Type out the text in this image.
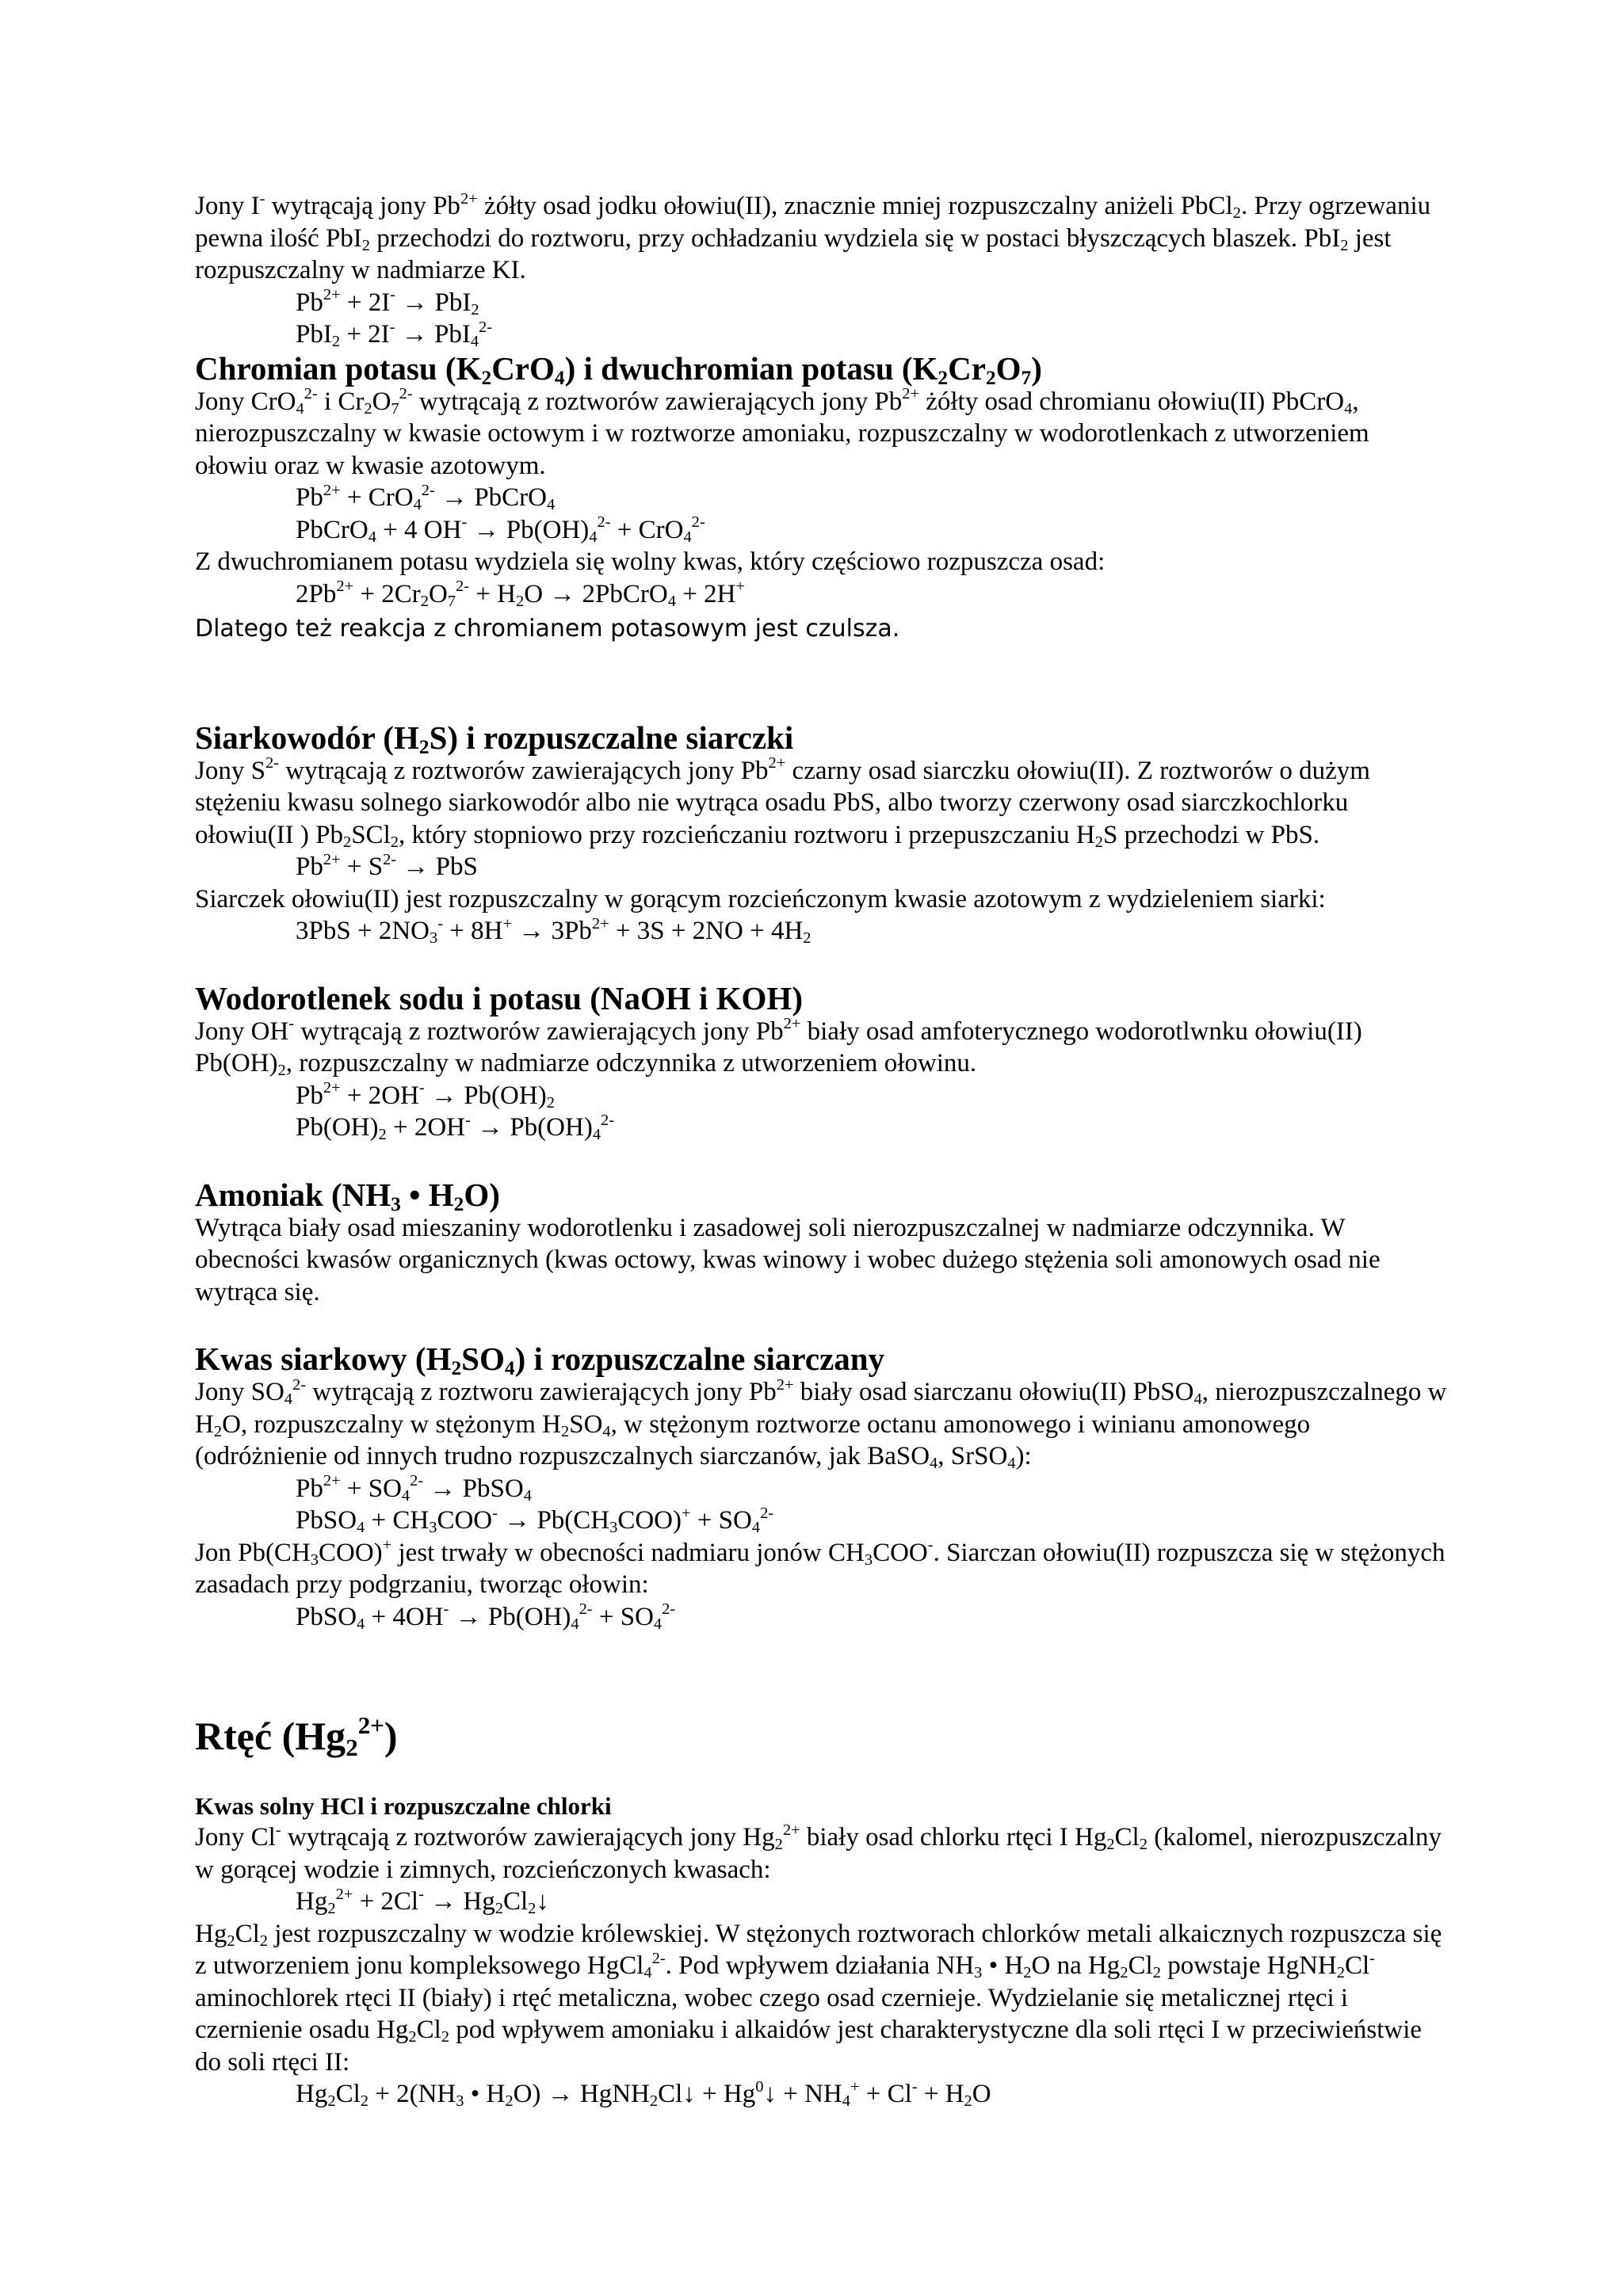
Jony I- wytrącają jony $Pb^{2+}$ żółty osad jodku ołowiu(II), znacznie mniej rozpuszczalny aniżeli PbCl$_2$. Przy ogrzewaniu pewna ilość PbI$_2$ przechodzi do roztworu, przy ochładzaniu wydziela się w postaci błyszczących blaszek. PbI$_2$ jest rozpuszczalny w nadmiarze KI.

$Pb^{2+} + 2I^- \to PbI_2$

PbI$_2$ + 2I- → PbI$_4^{2-}$

Chromian potasu $(K_2CrO_4)$ i dwuchromian potasu $(K_2Cr_2O_7)$

Jony CrO$_4^{2-}$ i $Cr_2O_7^{2-}$ wytrącają z roztworów zawierających jony $Pb^{2+}$ żółty osad chromianu ołowiu(II) PbCrO$_4$, nierozpuszczalny w kwasie octowym i w roztworze amoniaku, rozpuszczalny w wodorotlenkach z utworzeniem ołowiu oraz w kwasie azotowym.

$Pb^{2+} + CrO_4^{2-}$ → PbCrO$_4$

PbCrO$_4$ + 4 $OH^- \to Pb(OH)_4^{2-} + CrO_4^{2-}$

Z dwuchromianem potasu wydziela się wolny kwas, który częściowo rozpuszcza osad:

$2Pb^{2+} + 2Cr_2O_7^{2-} + H_2O$ → 2PbCrO$_4$ + 2H+

Dlatego też reakcja z chromianem potasowym jest czulsza.

Siarkowodór $(H_2S)$ i rozpuszczalne siarczki

Jony $S^{2-}$ wytrącają z roztworów zawierających jony $Pb^{2+}$ czarny osad siarczku ołowiu(II). Z roztworów o dużym stężeniu kwasu solnego siarkowodór albo nie wytrąca osadu PbS, albo tworzy czerwony osad siarczkochlorku ołowiu(II ) $Pb_2SCl_2$, który stopniowo przy rozcieńczaniu roztworu i przepuszczaniu $H_2S$ przechodzi w PbS.

$Pb^{2+} + S^{2-}$ → PbS

Siarczek ołowiu(II) jest rozpuszczalny w gorącym rozcieńczonym kwasie azotowym z wydzieleniem siarki:

$3PbS + 2NO_3^- + 8H^+ \to 3Pb^{2+} + 3S + 2NO + 4H_2$

Wodorotlenek sodu i potasu (NaOH i KOH)

Jony OH- wytrącają z roztworów zawierających jony $Pb^{2+}$ biały osad amfoterycznego wodorotlwnku ołowiu(II) $Pb(OH)_2$, rozpuszczalny w nadmiarze odczynnika z utworzeniem ołowinu.

$Pb^{2+} + 2OH^- \to Pb(OH)_2$

$Pb(OH)_2 + 2OH^- \to Pb(OH)_4^{2-}$

Amoniak ($NH_3$ • $H_2O$)

Wytrąca biały osad mieszaniny wodorotlenku i zasadowej soli nierozpuszczalnej w nadmiarze odczynnika. W obecności kwasów organicznych (kwas octowy, kwas winowy i wobec dużego stężenia soli amonowych osad nie wytrąca się.

Kwas siarkowy $(H_2SO_4)$ i rozpuszczalne siarczany

Jony $SO_4^{2-}$ wytrącają z roztworu zawierających jony $Pb^{2+}$ biały osad siarczanu ołowiu(II) PbSO$_4$, nierozpuszczalnego w $H_2O$, rozpuszczalny w stężonym $H_2SO_4$, w stężonym roztworze octanu amonowego i winianu amonowego (odróżnienie od innych trudno rozpuszczalnych siarczanów, jak BaSO$_4$, SrSO$_4$):

$Pb^{2+} + SO_4^{2-}$ → PbSO$_4$

PbSO$_4$ + $CH_3COO^- \to Pb(CH_3COO)^+ + SO_4^{2-}$

Jon $Pb(CH_3COO)^+$ jest trwały w obecności nadmiaru jonów $CH_3COO^-$. Siarczan ołowiu(II) rozpuszcza się w stężonych zasadach przy podgrzaniu, tworząc ołowin:

PbSO$_4$ + $4OH^- \to Pb(OH)_4^{2-} + SO_4^{2-}$

Rtęć $(Hg_2^{2+})$
Kwas solny HCl i rozpuszczalne chlorki

Jony Cl- wytrącają z roztworów zawierających jony $Hg_2^{2+}$ biały osad chlorku rtęci I $Hg_2Cl_2$ (kalomel, nierozpuszczalny w gorącej wodzie i zimnych, rozcieńczonych kwasach:

$Hg_2^{2+} + 2Cl^-$ → $Hg_2Cl_2↓$

$Hg_2Cl_2$ jest rozpuszczalny w wodzie królewskiej. W stężonych roztworach chlorków metali alkaicznych rozpuszcza się z utworzeniem jonu kompleksowego HgCl$_4^{2-}$. Pod wpływem działania $NH_3$ • $H_2O$ na $Hg_2Cl_2$ powstaje HgNH$_2$Cl- aminochlorek rtęci II (biały) i rtęć metaliczna, wobec czego osad czernieje. Wydzielanie się metalicznej rtęci i czernienie osadu $Hg_2Cl_2$ pod wpływem amoniaku i alkaidów jest charakterystyczne dla soli rtęci I w przeciwieństwie do soli rtęci II:

$Hg_2Cl_2 + 2(NH_3$ • $H_2O$) → HgNH$_2$Cl↓ + $Hg^0↓ + NH_4^+ + Cl^- + H_2O$
